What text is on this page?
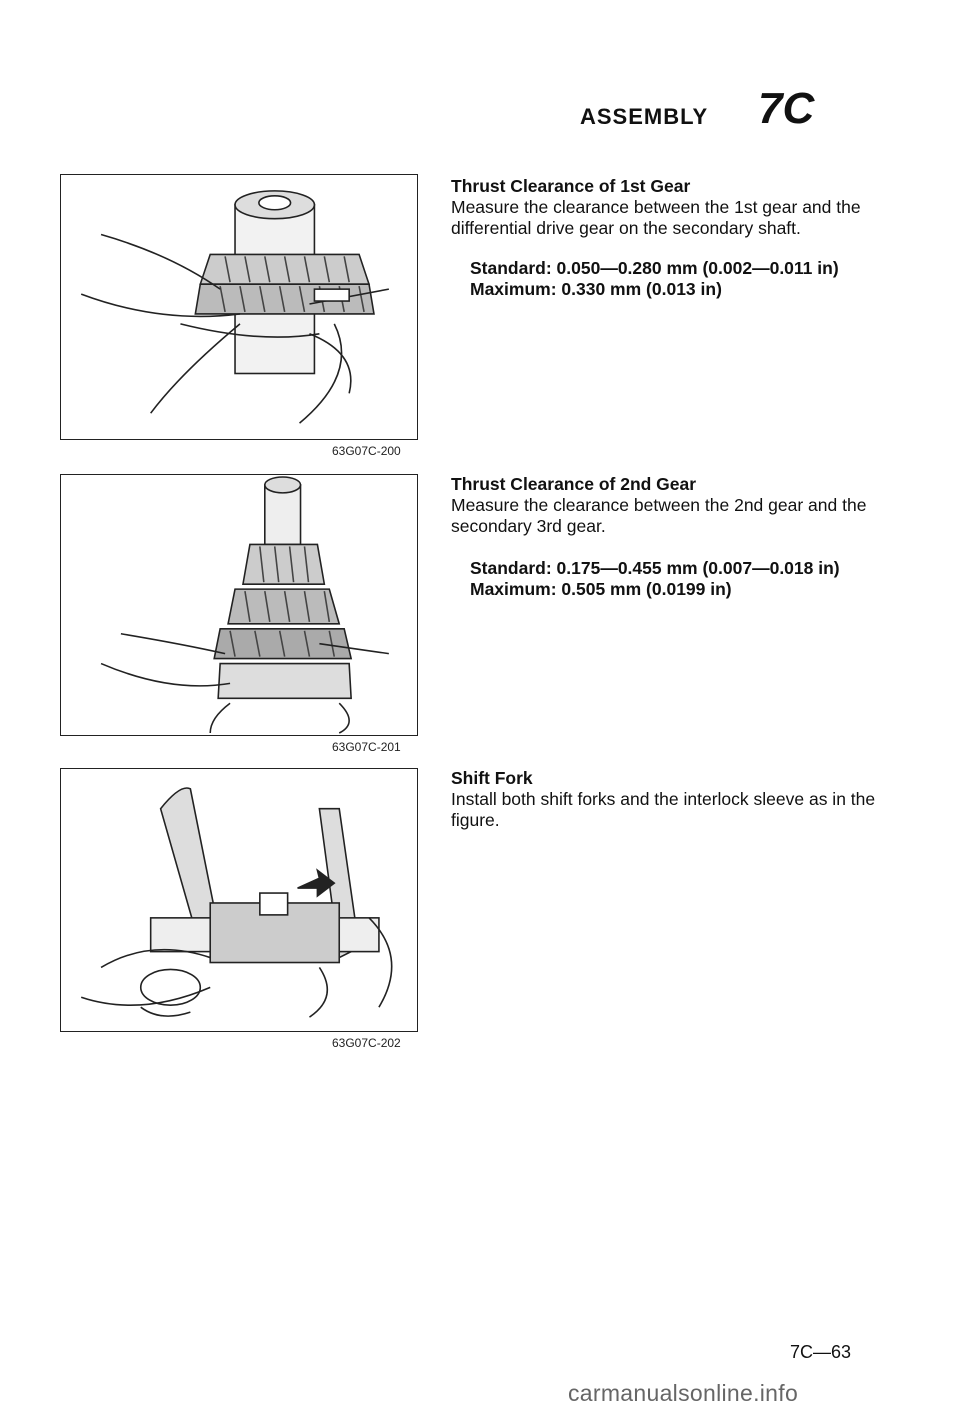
ASSEMBLY 7C
63G07C-200
63G07C-201
63G07C-202
Thrust Clearance of 1st Gear

Measure the clearance between the 1st gear and the differential drive gear on the secondary shaft.

Standard: 0.050—0.280 mm (0.002—0.011 in)
Maximum: 0.330 mm (0.013 in)
Thrust Clearance of 2nd Gear

Measure the clearance between the 2nd gear and the secondary 3rd gear.

Standard: 0.175—0.455 mm (0.007—0.018 in)
Maximum: 0.505 mm (0.0199 in)
Shift Fork

Install both shift forks and the interlock sleeve as in the figure.

7C—63
carmanualsonline.info
